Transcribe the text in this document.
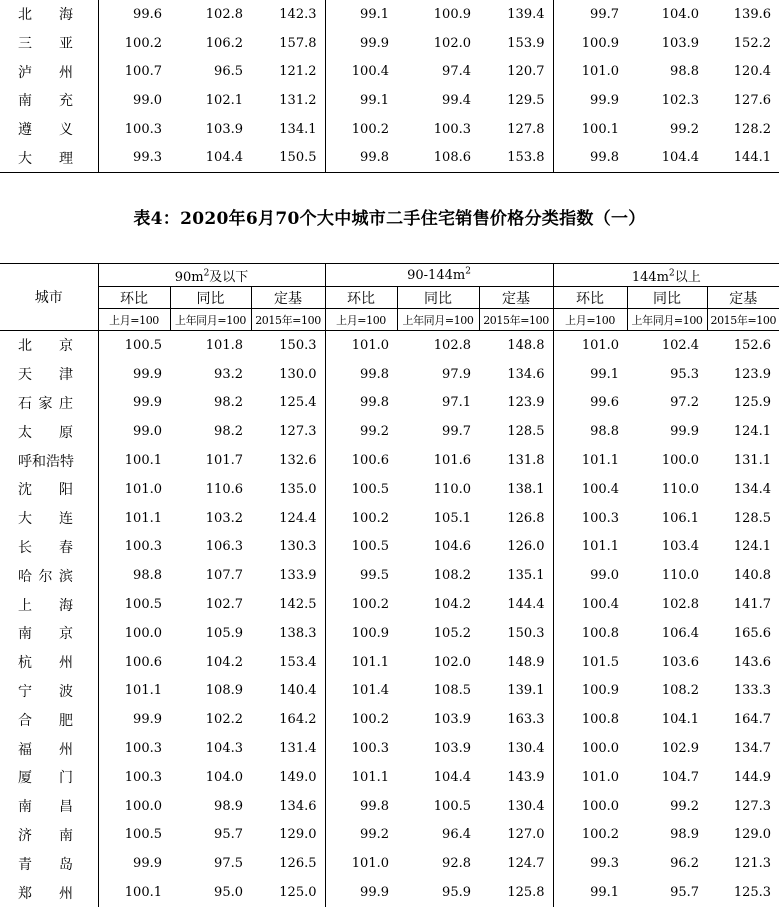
北海	99.6	102.8	142.3	99.1	100.9	139.4	99.7	104.0	139.6
三亚	100.2	106.2	157.8	99.9	102.0	153.9	100.9	103.9	152.2
泸州	100.7	96.5	121.2	100.4	97.4	120.7	101.0	98.8	120.4
南充	99.0	102.1	131.2	99.1	99.4	129.5	99.9	102.3	127.6
遵义	100.3	103.9	134.1	100.2	100.3	127.8	100.1	99.2	128.2
大理	99.3	104.4	150.5	99.8	108.6	153.8	99.8	104.4	144.1
表4：2020年6月70个大中城市二手住宅销售价格分类指数（一）
城市	$90m^2$及以下			$90-144m^2$			$144m^2$以上		
	环比	同比	定基	环比	同比	定基	环比	同比	定基
	上月=100	上年同月=100	2015年=100	上月=100	上年同月=100	2015年=100	上月=100	上年同月=100	2015年=100
北京	100.5	101.8	150.3	101.0	102.8	148.8	101.0	102.4	152.6
天津	99.9	93.2	130.0	99.8	97.9	134.6	99.1	95.3	123.9
石家庄	99.9	98.2	125.4	99.8	97.1	123.9	99.6	97.2	125.9
太原	99.0	98.2	127.3	99.2	99.7	128.5	98.8	99.9	124.1
呼和浩特	100.1	101.7	132.6	100.6	101.6	131.8	101.1	100.0	131.1
沈阳	101.0	110.6	135.0	100.5	110.0	138.1	100.4	110.0	134.4
大连	101.1	103.2	124.4	100.2	105.1	126.8	100.3	106.1	128.5
长春	100.3	106.3	130.3	100.5	104.6	126.0	101.1	103.4	124.1
哈尔滨	98.8	107.7	133.9	99.5	108.2	135.1	99.0	110.0	140.8
上海	100.5	102.7	142.5	100.2	104.2	144.4	100.4	102.8	141.7
南京	100.0	105.9	138.3	100.9	105.2	150.3	100.8	106.4	165.6
杭州	100.6	104.2	153.4	101.1	102.0	148.9	101.5	103.6	143.6
宁波	101.1	108.9	140.4	101.4	108.5	139.1	100.9	108.2	133.3
合肥	99.9	102.2	164.2	100.2	103.9	163.3	100.8	104.1	164.7
福州	100.3	104.3	131.4	100.3	103.9	130.4	100.0	102.9	134.7
厦门	100.3	104.0	149.0	101.1	104.4	143.9	101.0	104.7	144.9
南昌	100.0	98.9	134.6	99.8	100.5	130.4	100.0	99.2	127.3
济南	100.5	95.7	129.0	99.2	96.4	127.0	100.2	98.9	129.0
青岛	99.9	97.5	126.5	101.0	92.8	124.7	99.3	96.2	121.3
郑州	100.1	95.0	125.0	99.9	95.9	125.8	99.1	95.7	125.3
